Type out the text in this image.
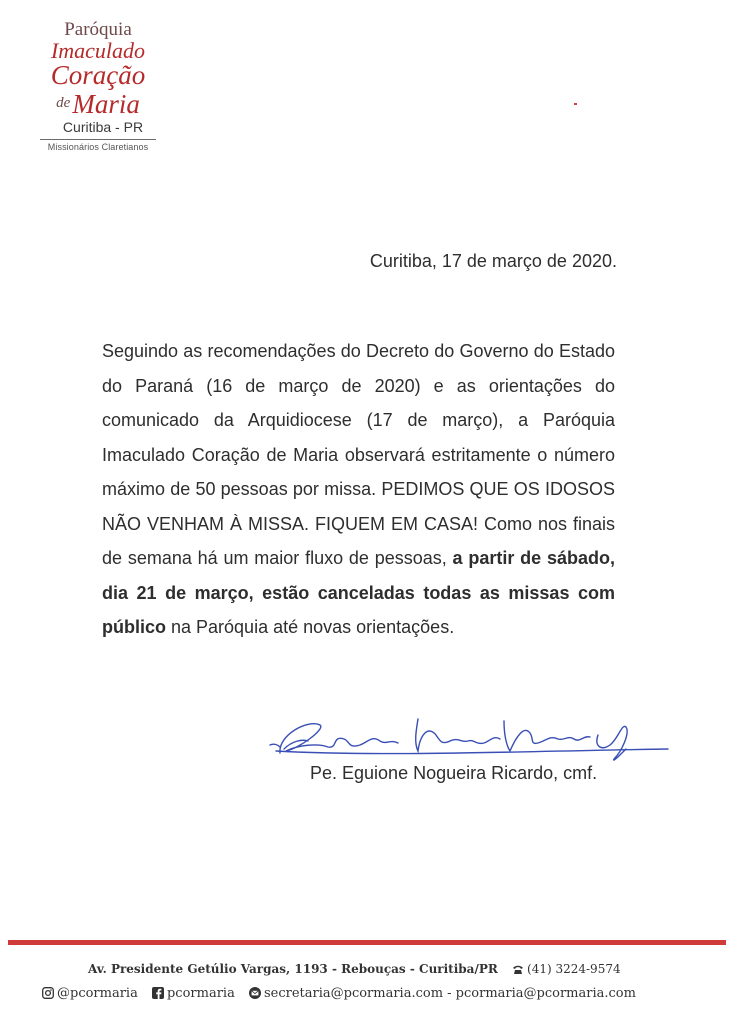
Paróquia
Imaculado
Coração
$^{de}$Maria
Curitiba - PR
Missionários Claretianos
Curitiba, 17 de março de 2020.
Seguindo as recomendações do Decreto do Governo do Estado do Paraná (16 de março de 2020) e as orientações do comunicado da Arquidiocese (17 de março), a Paróquia Imaculado Coração de Maria observará estritamente o número máximo de 50 pessoas por missa. PEDIMOS QUE OS IDOSOS NÃO VENHAM À MISSA. FIQUEM EM CASA! Como nos finais de semana há um maior fluxo de pessoas, a partir de sábado, dia 21 de março, estão canceladas todas as missas com público na Paróquia até novas orientações.
Pe. Eguione Nogueira Ricardo, cmf.
Av. Presidente Getúlio Vargas, 1193 - Rebouças - Curitiba/PR (41) 3224-9574
@pcormaria pcormaria secretaria@pcormaria.com - pcormaria@pcormaria.com
